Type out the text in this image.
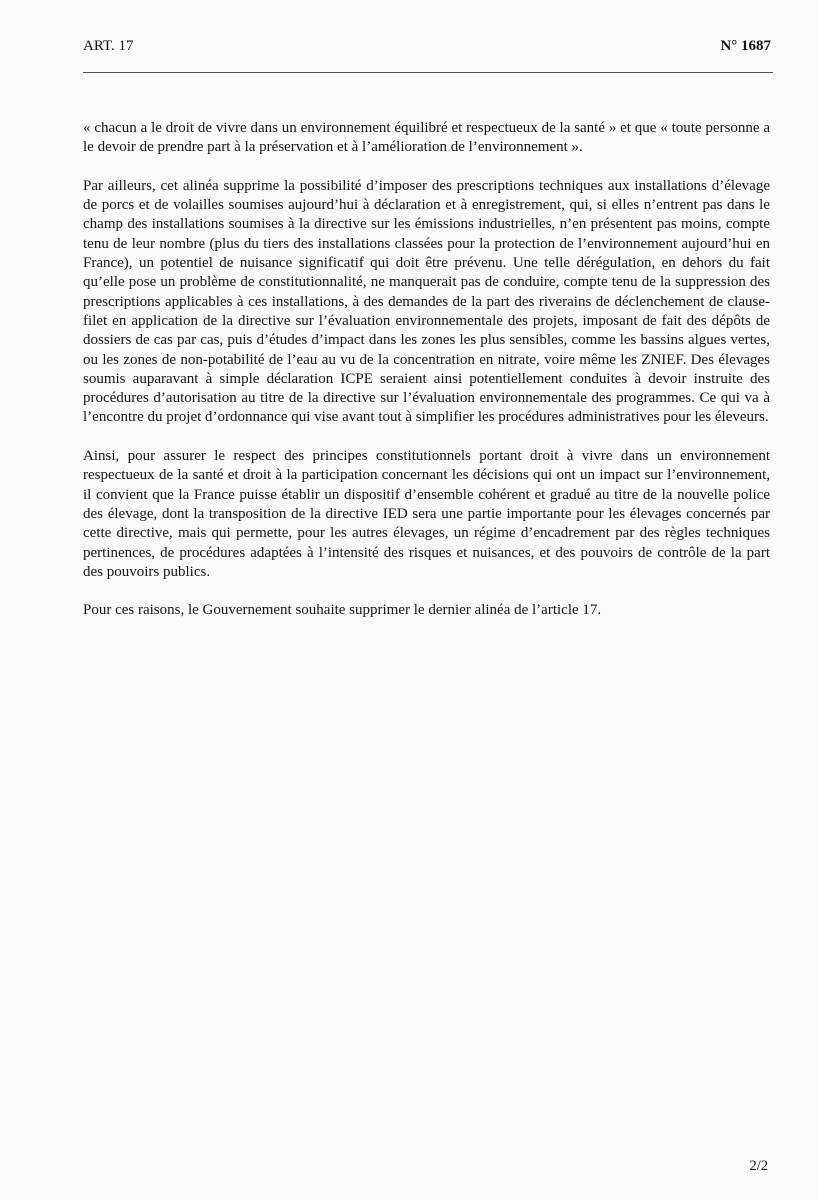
ART. 17	N° 1687

« chacun a le droit de vivre dans un environnement équilibré et respectueux de la santé » et que « toute personne a le devoir de prendre part à la préservation et à l’amélioration de l’environnement ».

Par ailleurs, cet alinéa supprime la possibilité d’imposer des prescriptions techniques aux installations d’élevage de porcs et de volailles soumises aujourd’hui à déclaration et à enregistrement, qui, si elles n’entrent pas dans le champ des installations soumises à la directive sur les émissions industrielles, n’en présentent pas moins, compte tenu de leur nombre (plus du tiers des installations classées pour la protection de l’environnement aujourd’hui en France), un potentiel de nuisance significatif qui doit être prévenu. Une telle dérégulation, en dehors du fait qu’elle pose un problème de constitutionnalité, ne manquerait pas de conduire, compte tenu de la suppression des prescriptions applicables à ces installations, à des demandes de la part des riverains de déclenchement de clause-filet en application de la directive sur l’évaluation environnementale des projets, imposant de fait des dépôts de dossiers de cas par cas, puis d’études d’impact dans les zones les plus sensibles, comme les bassins algues vertes, ou les zones de non-potabilité de l’eau au vu de la concentration en nitrate, voire même les ZNIEF. Des élevages soumis auparavant à simple déclaration ICPE seraient ainsi potentiellement conduites à devoir instruite des procédures d’autorisation au titre de la directive sur l’évaluation environnementale des programmes. Ce qui va à l’encontre du projet d’ordonnance qui vise avant tout à simplifier les procédures administratives pour les éleveurs.

Ainsi, pour assurer le respect des principes constitutionnels portant droit à vivre dans un environnement respectueux de la santé et droit à la participation concernant les décisions qui ont un impact sur l’environnement, il convient que la France puisse établir un dispositif d’ensemble cohérent et gradué au titre de la nouvelle police des élevage, dont la transposition de la directive IED sera une partie importante pour les élevages concernés par cette directive, mais qui permette, pour les autres élevages, un régime d’encadrement par des règles techniques pertinences, de procédures adaptées à l’intensité des risques et nuisances, et des pouvoirs de contrôle de la part des pouvoirs publics.

Pour ces raisons, le Gouvernement souhaite supprimer le dernier alinéa de l’article 17.

2/2
